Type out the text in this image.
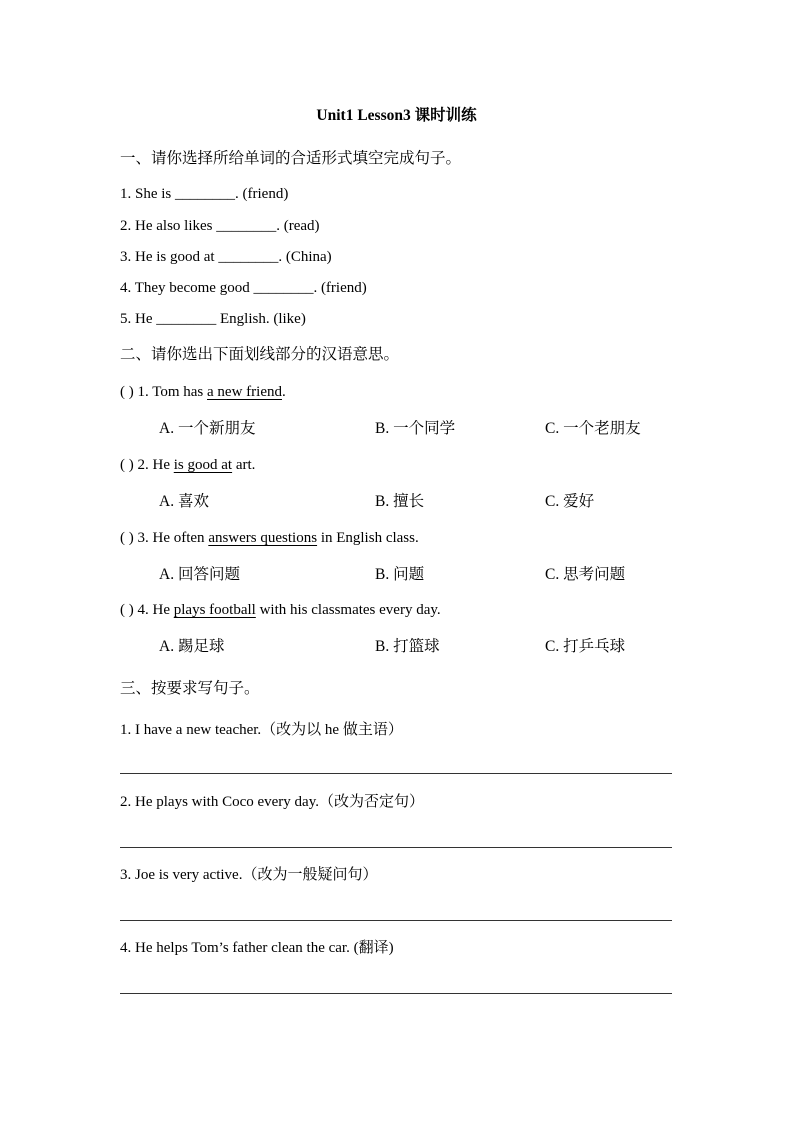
Unit1 Lesson3 课时训练
一、请你选择所给单词的合适形式填空完成句子。
1. She is ________. (friend)
2. He also likes ________. (read)
3. He is good at ________. (China)
4. They become good ________. (friend)
5. He ________ English. (like)
二、请你选出下面划线部分的汉语意思。
( ) 1. Tom has a new friend.
A. 一个新朋友	B. 一个同学	C. 一个老朋友
( ) 2. He is good at art.
A. 喜欢	B. 擅长	C. 爱好
( ) 3. He often answers questions in English class.
A. 回答问题	B. 问题	C. 思考问题
( ) 4. He plays football with his classmates every day.
A. 踢足球	B. 打篮球	C. 打乒乓球
三、按要求写句子。
1. I have a new teacher.（改为以 he 做主语）
2. He plays with Coco every day.（改为否定句）
3. Joe is very active.（改为一般疑问句）
4. He helps Tom’s father clean the car. (翻译)
